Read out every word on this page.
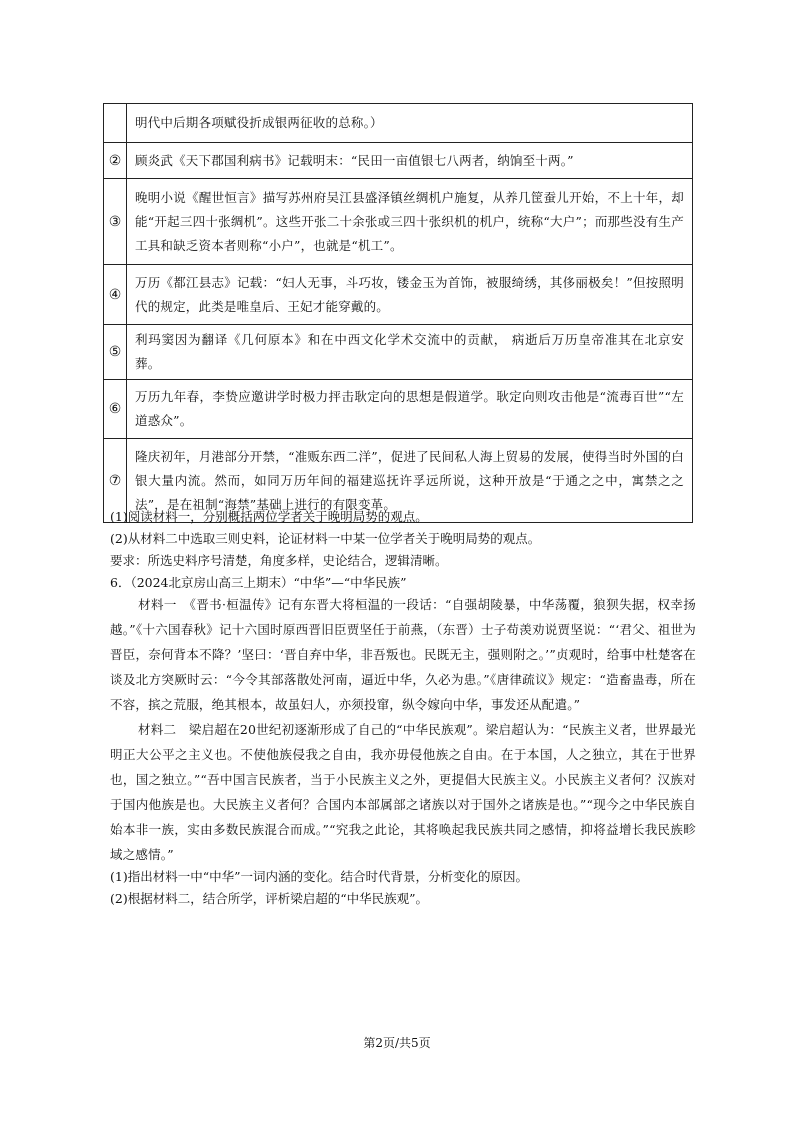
	明代中后期各项赋役折成银两征收的总称。）
②	顾炎武《天下郡国利病书》记载明末：“民田一亩值银七八两者，纳饷至十两。”
③	晚明小说《醒世恒言》描写苏州府吴江县盛泽镇丝绸机户施复，从养几筐蚕儿开始，不上十年，却能“开起三四十张绸机”。这些开张二十余张或三四十张织机的机户，统称“大户”；而那些没有生产工具和缺乏资本者则称“小户”，也就是“机工”。
④	万历《都江县志》记载：“妇人无事，斗巧妆，镂金玉为首饰，被服绮绣，其侈丽极矣！”但按照明代的规定，此类是唯皇后、王妃才能穿戴的。
⑤	利玛窦因为翻译《几何原本》和在中西文化学术交流中的贡献， 病逝后万历皇帝准其在北京安葬。
⑥	万历九年春，李贽应邀讲学时极力抨击耿定向的思想是假道学。耿定向则攻击他是“流毒百世”“左道惑众”。
⑦	隆庆初年，月港部分开禁，“准贩东西二洋”，促进了民间私人海上贸易的发展，使得当时外国的白银大量内流。然而，如同万历年间的福建巡抚许孚远所说，这种开放是“于通之之中，寓禁之之法”，是在祖制“海禁”基础上进行的有限变革。
(1)阅读材料一，分别概括两位学者关于晚明局势的观点。
(2)从材料二中选取三则史料，论证材料一中某一位学者关于晚明局势的观点。
要求：所选史料序号清楚，角度多样，史论结合，逻辑清晰。
6．（2024北京房山高三上期末）“中华”—“中华民族”
材料一　《晋书·桓温传》记有东晋大将桓温的一段话：“自强胡陵暴，中华荡覆，狼狈失据，权幸扬越。”《十六国春秋》记十六国时原西晋旧臣贾坚任于前燕，（东晋）士子苟羡劝说贾坚说：“‘君父、祖世为晋臣，奈何背本不降？’坚曰：‘晋自弃中华，非吾叛也。民既无主，强则附之。’”贞观时，给事中杜楚客在谈及北方突厥时云：“今令其部落散处河南，逼近中华，久必为患。”《唐律疏议》规定：“造畜蛊毒，所在不容，摈之荒服，绝其根本，故虽妇人，亦须投窜，纵令嫁向中华，事发还从配遣。”
材料二　梁启超在20世纪初逐渐形成了自己的“中华民族观”。梁启超认为：“民族主义者，世界最光明正大公平之主义也。不使他族侵我之自由，我亦毋侵他族之自由。在于本国，人之独立，其在于世界也，国之独立。”“吾中国言民族者，当于小民族主义之外，更提倡大民族主义。小民族主义者何？汉族对于国内他族是也。大民族主义者何？合国内本部属部之诸族以对于国外之诸族是也。”“现今之中华民族自始本非一族，实由多数民族混合而成。”“究我之此论，其将唤起我民族共同之感情，抑将益增长我民族畛域之感情。”
(1)指出材料一中“中华”一词内涵的变化。结合时代背景，分析变化的原因。
(2)根据材料二，结合所学，评析梁启超的“中华民族观”。
第2页/共5页
